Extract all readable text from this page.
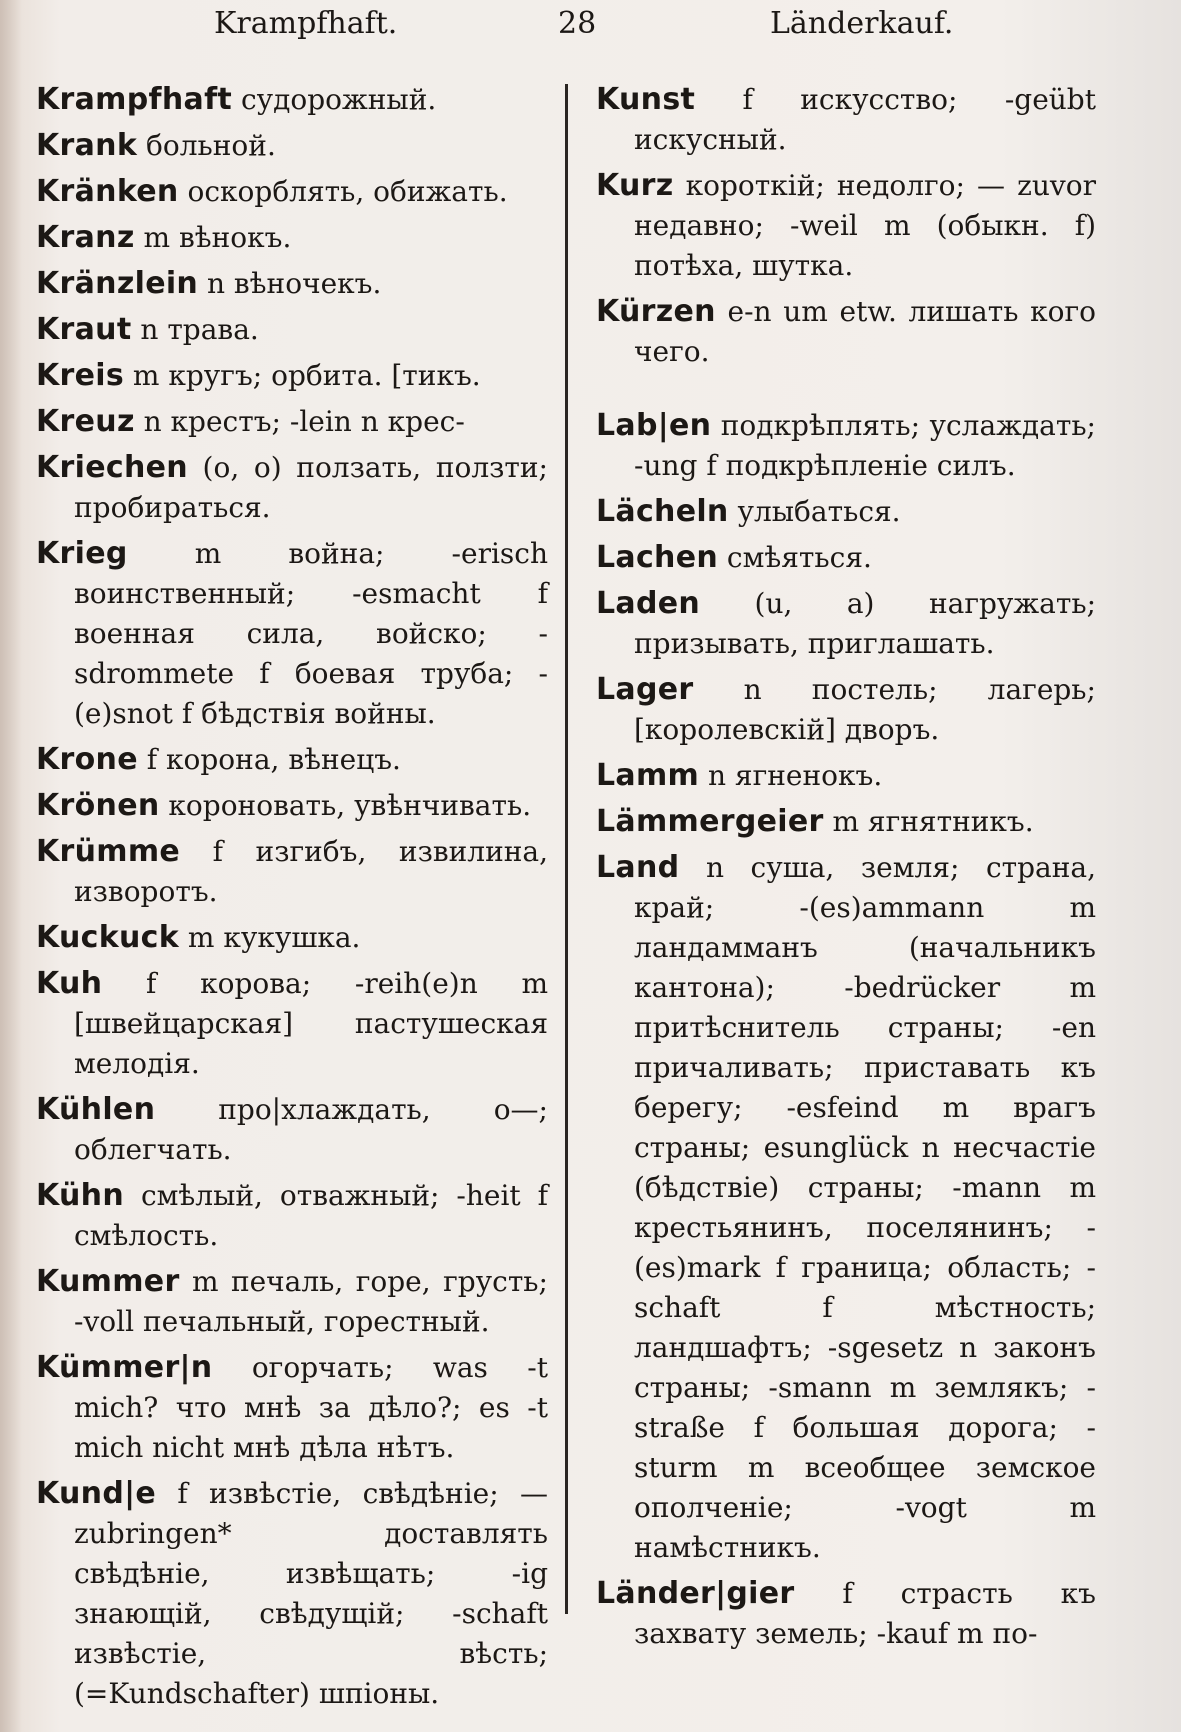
Krampfhaft.	28	Länderkauf.

Krampfhaft судорожный.

Krank больной.

Kränken оскорблять, обижать.

Kranz m вѣнокъ.

Kränzlein n вѣночекъ.

Kraut n трава.

Kreis m кругъ; орбита. [тикъ.

Kreuz n крестъ; -lein n крес-

Kriechen (o, o) ползать, ползти; пробираться.

Krieg m война; -erisch воинственный; -esmacht f военная сила, войско; -sdrommete f боевая труба; -(e)snot f бѣдствія войны.

Krone f корона, вѣнецъ.

Krönen короновать, увѣнчивать.

Krümme f изгибъ, извилина, изворотъ.

Kuckuck m кукушка.

Kuh f корова; -reih(e)n m [швейцарская] пастушеская мелодія.

Kühlen про|хлаждать, о—; облегчать.

Kühn смѣлый, отважный; -heit f смѣлость.

Kummer m печаль, горе, грусть; -voll печальный, горестный.

Kümmer|n огорчать; was -t mich? что мнѣ за дѣло?; es -t mich nicht мнѣ дѣла нѣтъ.

Kund|e f извѣстіе, свѣдѣніе; — zubringen* доставлять свѣдѣніе, извѣщать; -ig знающій, свѣдущій; -schaft извѣстіе, вѣсть; (=Kundschafter) шпіоны.

Kunst f искусство; -geübt искусный.

Kurz короткій; недолго; — zuvor недавно; -weil m (обыкн. f) потѣха, шутка.

Kürzen e-n um etw. лишать кого чего.

Lab|en подкрѣплять; услаждать; -ung f подкрѣпленіе силъ.

Lächeln улыбаться.

Lachen смѣяться.

Laden (u, a) нагружать; призывать, приглашать.

Lager n постель; лагерь; [королевскій] дворъ.

Lamm n ягненокъ.

Lämmergeier m ягнятникъ.

Land n суша, земля; страна, край; -(es)ammann m ландамманъ (начальникъ кантона); -bedrücker m притѣснитель страны; -en причаливать; приставать къ берегу; -esfeind m врагъ страны; esunglück n несчастіе (бѣдствіе) страны; -mann m крестьянинъ, поселянинъ; -(es)mark f граница; область; -schaft f мѣстность; ландшафтъ; -sgesetz n законъ страны; -smann m землякъ; -straße f большая дорога; -sturm m всеобщее земское ополченіе; -vogt m намѣстникъ.

Länder|gier f страсть къ захвату земель; -kauf m по-
